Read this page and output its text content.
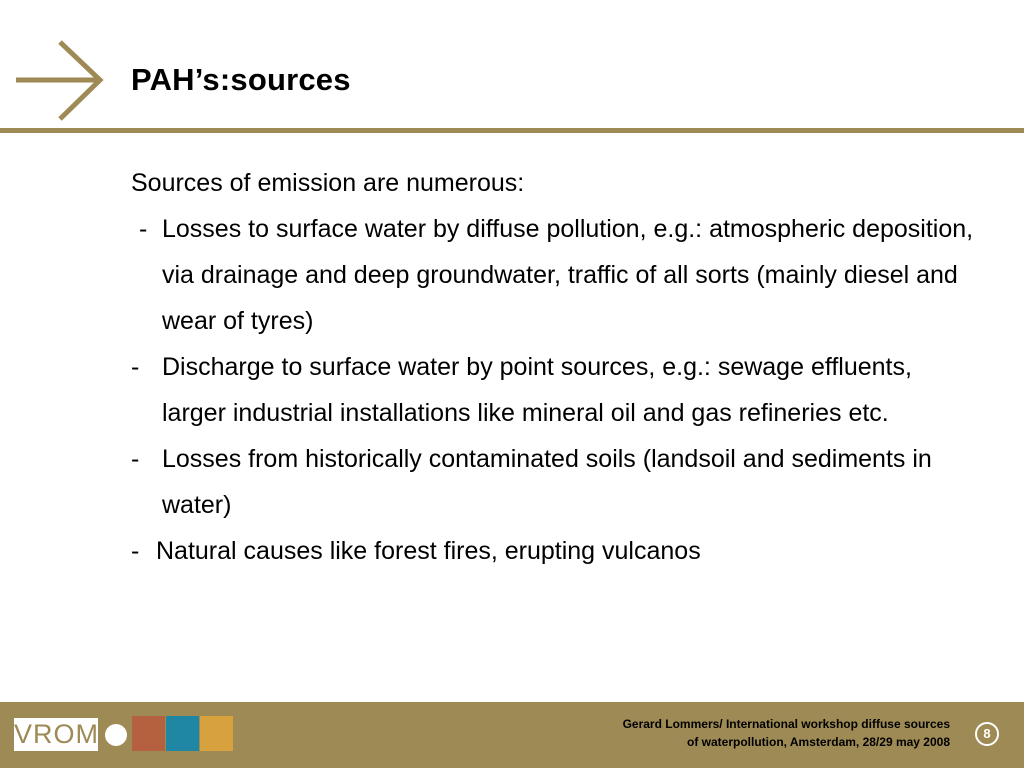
PAH’s:sources
Sources of emission are numerous:
- Losses to surface water by diffuse pollution, e.g.: atmospheric deposition, via drainage and deep groundwater, traffic of all sorts (mainly diesel and wear of tyres)
- Discharge to surface water by point sources, e.g.: sewage effluents, larger industrial installations like mineral oil and gas refineries etc.
- Losses from historically contaminated soils (landsoil and sediments in water)
- Natural causes like forest fires, erupting vulcanos
VROM	Gerard Lommers/ International workshop diffuse sources
of waterpollution, Amsterdam, 28/29 may 2008
8
